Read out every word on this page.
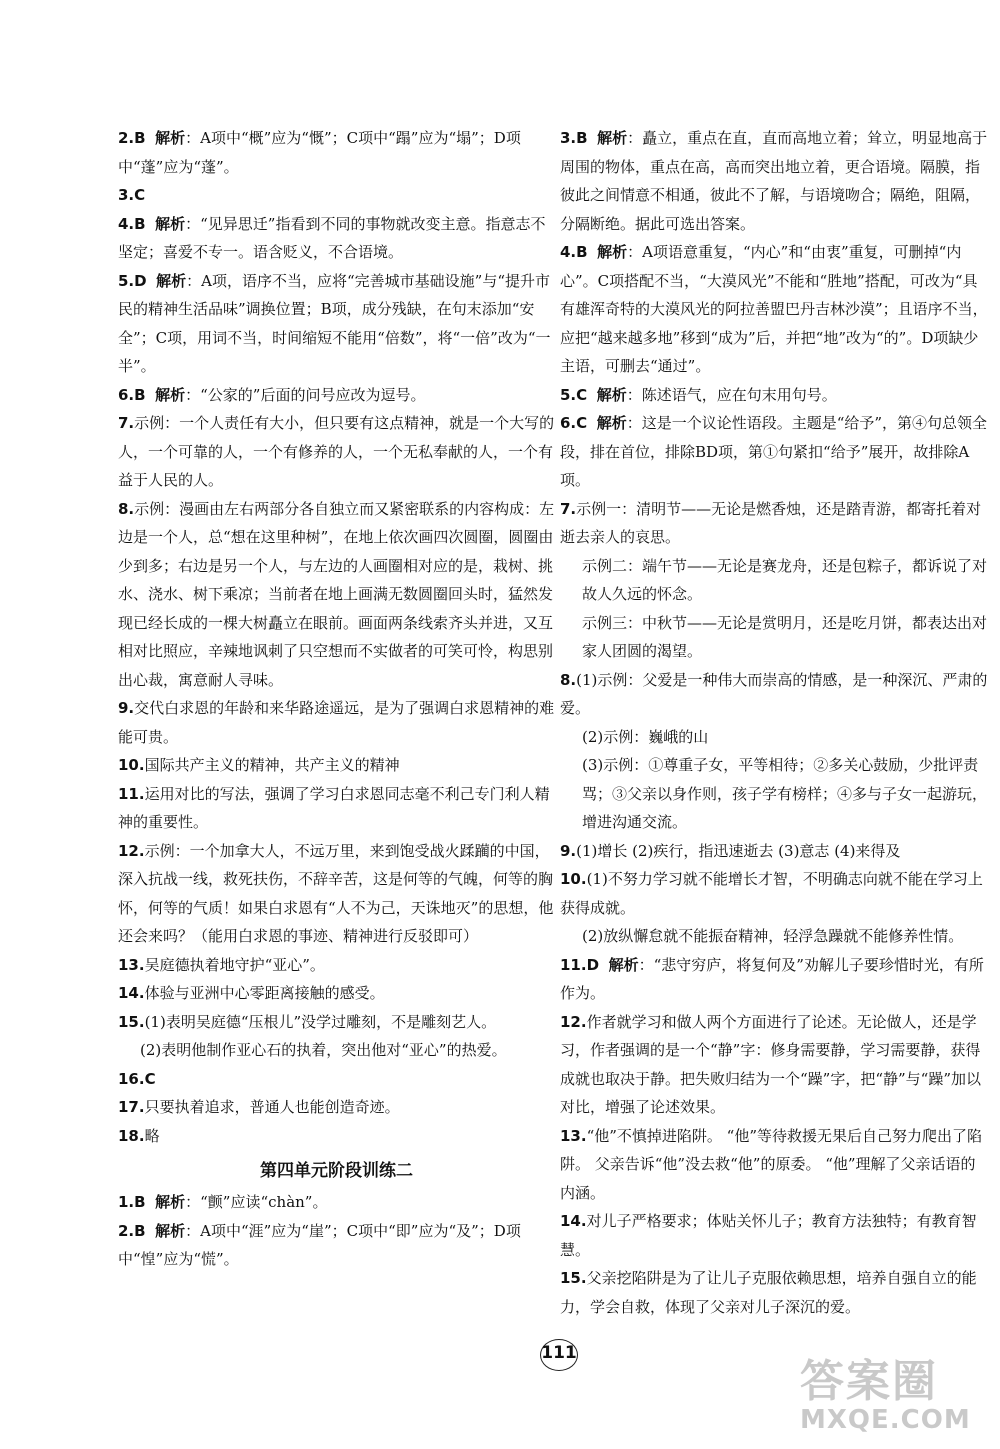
2.B 解析：A项中“概”应为“慨”；C项中“蹋”应为“塌”；D项中“蓬”应为“蓬”。
3.C
4.B 解析：“见异思迁”指看到不同的事物就改变主意。指意志不坚定；喜爱不专一。语含贬义，不合语境。
5.D 解析：A项，语序不当，应将“完善城市基础设施”与“提升市民的精神生活品味”调换位置；B项，成分残缺，在句末添加“安全”；C项，用词不当，时间缩短不能用“倍数”，将“一倍”改为“一半”。
6.B 解析：“公家的”后面的问号应改为逗号。
7.示例：一个人责任有大小，但只要有这点精神，就是一个大写的人，一个可靠的人，一个有修养的人，一个无私奉献的人，一个有益于人民的人。
8.示例：漫画由左右两部分各自独立而又紧密联系的内容构成：左边是一个人，总“想在这里种树”，在地上依次画四次圆圈，圆圈由少到多；右边是另一个人，与左边的人画圈相对应的是，栽树、挑水、浇水、树下乘凉；当前者在地上画满无数圆圈回头时，猛然发现已经长成的一棵大树矗立在眼前。画面两条线索齐头并进，又互相对比照应，辛辣地讽刺了只空想而不实做者的可笑可怜，构思别出心裁，寓意耐人寻味。
9.交代白求恩的年龄和来华路途遥远，是为了强调白求恩精神的难能可贵。
10.国际共产主义的精神，共产主义的精神
11.运用对比的写法，强调了学习白求恩同志毫不利己专门利人精神的重要性。
12.示例：一个加拿大人，不远万里，来到饱受战火蹂躏的中国，深入抗战一线，救死扶伤，不辞辛苦，这是何等的气魄，何等的胸怀，何等的气质！如果白求恩有“人不为己，天诛地灭”的思想，他还会来吗？（能用白求恩的事迹、精神进行反驳即可）
13.吴庭德执着地守护“亚心”。
14.体验与亚洲中心零距离接触的感受。
15.(1)表明吴庭德“压根儿”没学过雕刻，不是雕刻艺人。
(2)表明他制作亚心石的执着，突出他对“亚心”的热爱。
16.C
17.只要执着追求，普通人也能创造奇迹。
18.略
第四单元阶段训练二
1.B 解析：“颤”应读“chàn”。
2.B 解析：A项中“涯”应为“崖”；C项中“即”应为“及”；D项中“惶”应为“慌”。
3.B 解析：矗立，重点在直，直而高地立着；耸立，明显地高于周围的物体，重点在高，高而突出地立着，更合语境。隔膜，指彼此之间情意不相通，彼此不了解，与语境吻合；隔绝，阻隔，分隔断绝。据此可选出答案。
4.B 解析：A项语意重复，“内心”和“由衷”重复，可删掉“内心”。C项搭配不当，“大漠风光”不能和“胜地”搭配，可改为“具有雄浑奇特的大漠风光的阿拉善盟巴丹吉林沙漠”；且语序不当，应把“越来越多地”移到“成为”后，并把“地”改为“的”。D项缺少主语，可删去“通过”。
5.C 解析：陈述语气，应在句末用句号。
6.C 解析：这是一个议论性语段。主题是“给予”，第④句总领全段，排在首位，排除BD项，第①句紧扣“给予”展开，故排除A项。
7.示例一：清明节——无论是燃香烛，还是踏青游，都寄托着对逝去亲人的哀思。
示例二：端午节——无论是赛龙舟，还是包粽子，都诉说了对故人久远的怀念。
示例三：中秋节——无论是赏明月，还是吃月饼，都表达出对家人团圆的渴望。
8.(1)示例：父爱是一种伟大而崇高的情感，是一种深沉、严肃的爱。
(2)示例：巍峨的山
(3)示例：①尊重子女，平等相待；②多关心鼓励，少批评责骂；③父亲以身作则，孩子学有榜样；④多与子女一起游玩，增进沟通交流。
9.(1)增长 (2)疾行，指迅速逝去 (3)意志 (4)来得及
10.(1)不努力学习就不能增长才智，不明确志向就不能在学习上获得成就。
(2)放纵懈怠就不能振奋精神，轻浮急躁就不能修养性情。
11.D 解析：“悲守穷庐，将复何及”劝解儿子要珍惜时光，有所作为。
12.作者就学习和做人两个方面进行了论述。无论做人，还是学习，作者强调的是一个“静”字：修身需要静，学习需要静，获得成就也取决于静。把失败归结为一个“躁”字，把“静”与“躁”加以对比，增强了论述效果。
13.“他”不慎掉进陷阱。 “他”等待救援无果后自己努力爬出了陷阱。 父亲告诉“他”没去救“他”的原委。 “他”理解了父亲话语的内涵。
14.对儿子严格要求；体贴关怀儿子；教育方法独特；有教育智慧。
15.父亲挖陷阱是为了让儿子克服依赖思想，培养自强自立的能力，学会自救，体现了父亲对儿子深沉的爱。
111
答案圈
MXQE.COM
